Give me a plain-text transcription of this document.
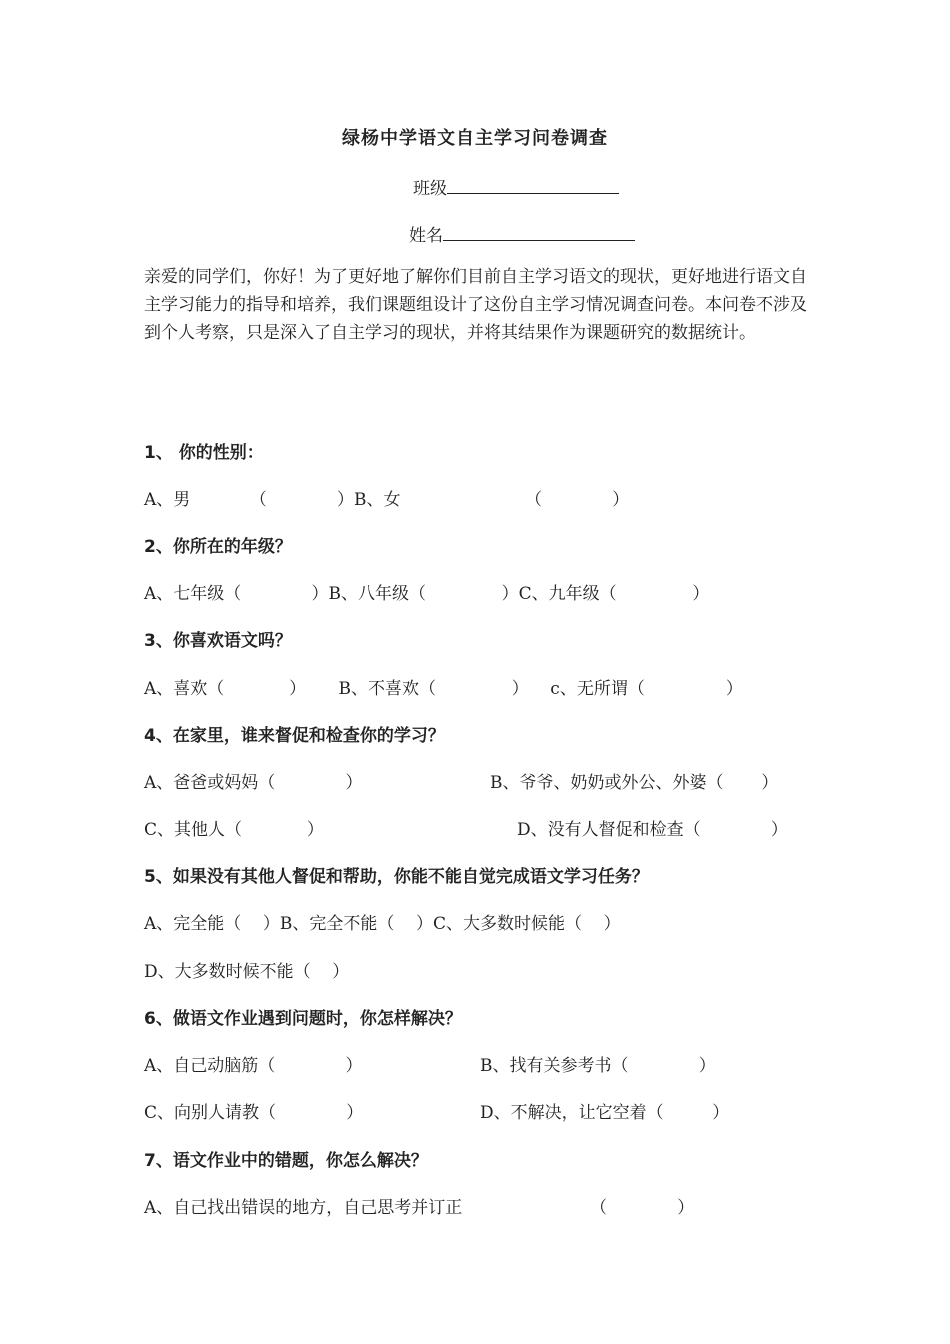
绿杨中学语文自主学习问卷调查
班级
姓名
亲爱的同学们，你好！为了更好地了解你们目前自主学习语文的现状，更好地进行语文自主学习能力的指导和培养，我们课题组设计了这份自主学习情况调查问卷。本问卷不涉及到个人考察，只是深入了自主学习的现状，并将其结果作为课题研究的数据统计。
1、 你的性别：
A、男           （             ）B、女	（             ）
2、你所在的年级？
A、七年级（             ）B、八年级（              ）C、九年级（              ）
3、你喜欢语文吗？
A、喜欢（            ）      B、不喜欢（              ）    c、无所谓（               ）
4、在家里，谁来督促和检查你的学习？
A、爸爸或妈妈（             ）	B、爷爷、奶奶或外公、外婆（       ）
C、其他人（            ）	D、没有人督促和检查（             ）
5、如果没有其他人督促和帮助，你能不能自觉完成语文学习任务？
A、完全能（    ）B、完全不能（    ）C、大多数时候能（    ）
D、大多数时候不能（    ）
6、做语文作业遇到问题时，你怎样解决？
A、自己动脑筋（             ）	B、找有关参考书（             ）
C、向别人请教（             ）	D、不解决，让它空着（         ）
7、语文作业中的错题，你怎么解决？
A、自己找出错误的地方，自己思考并订正	（             ）
